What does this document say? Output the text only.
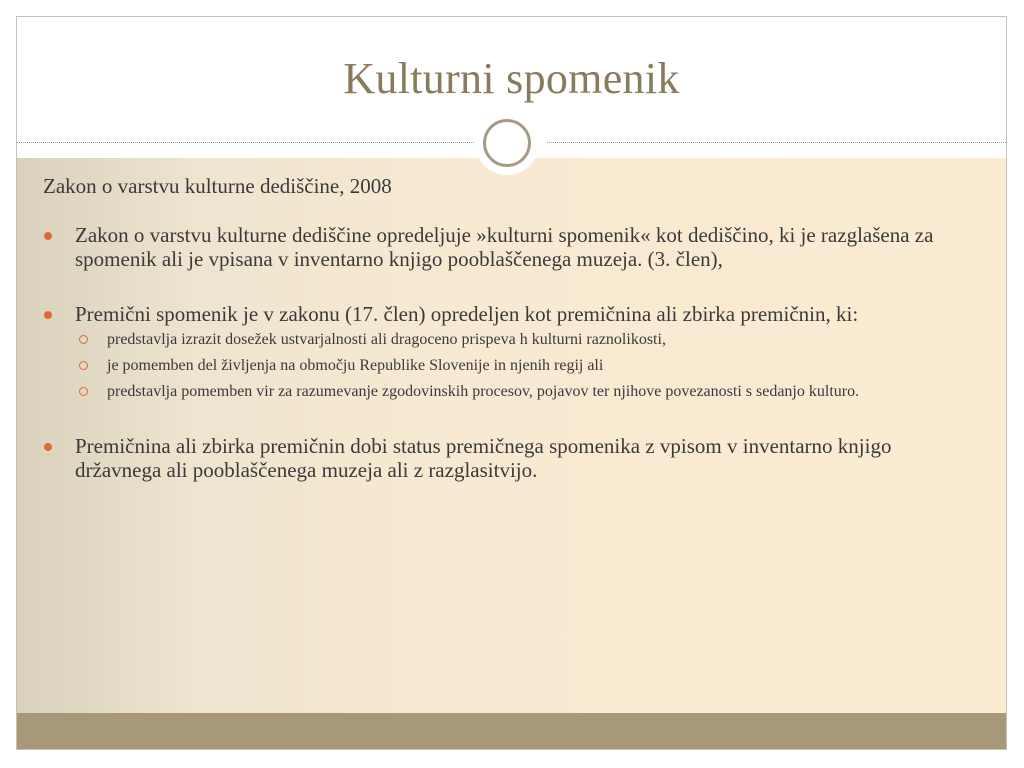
Kulturni spomenik
Zakon o varstvu kulturne dediščine, 2008
Zakon o varstvu kulturne dediščine opredeljuje »kulturni spomenik« kot dediščino, ki je razglašena za spomenik ali je vpisana v inventarno knjigo pooblaščenega muzeja. (3. člen),
Premični spomenik je v zakonu (17. člen) opredeljen kot premičnina ali zbirka premičnin, ki:
predstavlja izrazit dosežek ustvarjalnosti ali dragoceno prispeva h kulturni raznolikosti,
je pomemben del življenja na območju Republike Slovenije in njenih regij ali
predstavlja pomemben vir za razumevanje zgodovinskih procesov, pojavov ter njihove povezanosti s sedanjo kulturo.
Premičnina ali zbirka premičnin dobi status premičnega spomenika z vpisom v inventarno knjigo državnega ali pooblaščenega muzeja ali z razglasitvijo.
